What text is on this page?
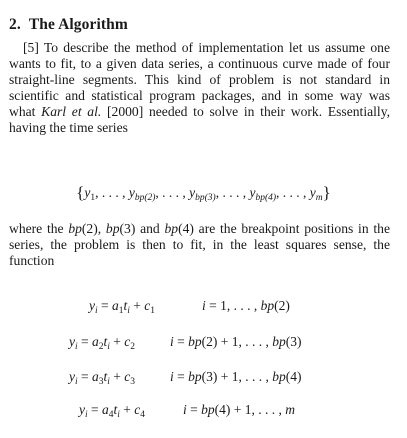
2. The Algorithm
[5] To describe the method of implementation let us assume one wants to fit, to a given data series, a continuous curve made of four straight-line segments. This kind of problem is not standard in scientific and statistical program packages, and in some way was what Karl et al. [2000] needed to solve in their work. Essentially, having the time series
{$y_1$, . . . , $y_{bp(2)}$, . . . , $y_{bp(3)}$, . . . , $y_{bp(4)}$, . . . , $y_m$}
where the bp(2), bp(3) and bp(4) are the breakpoint positions in the series, the problem is then to fit, in the least squares sense, the function
$y_i = a_1t_i + c_1$	i = 1, . . . , bp(2)
$y_i = a_2t_i + c_2$	i = bp(2) + 1, . . . , bp(3)
$y_i = a_3t_i + c_3$	i = bp(3) + 1, . . . , bp(4)
$y_i = a_4t_i + c_4$	i = bp(4) + 1, . . . , m
